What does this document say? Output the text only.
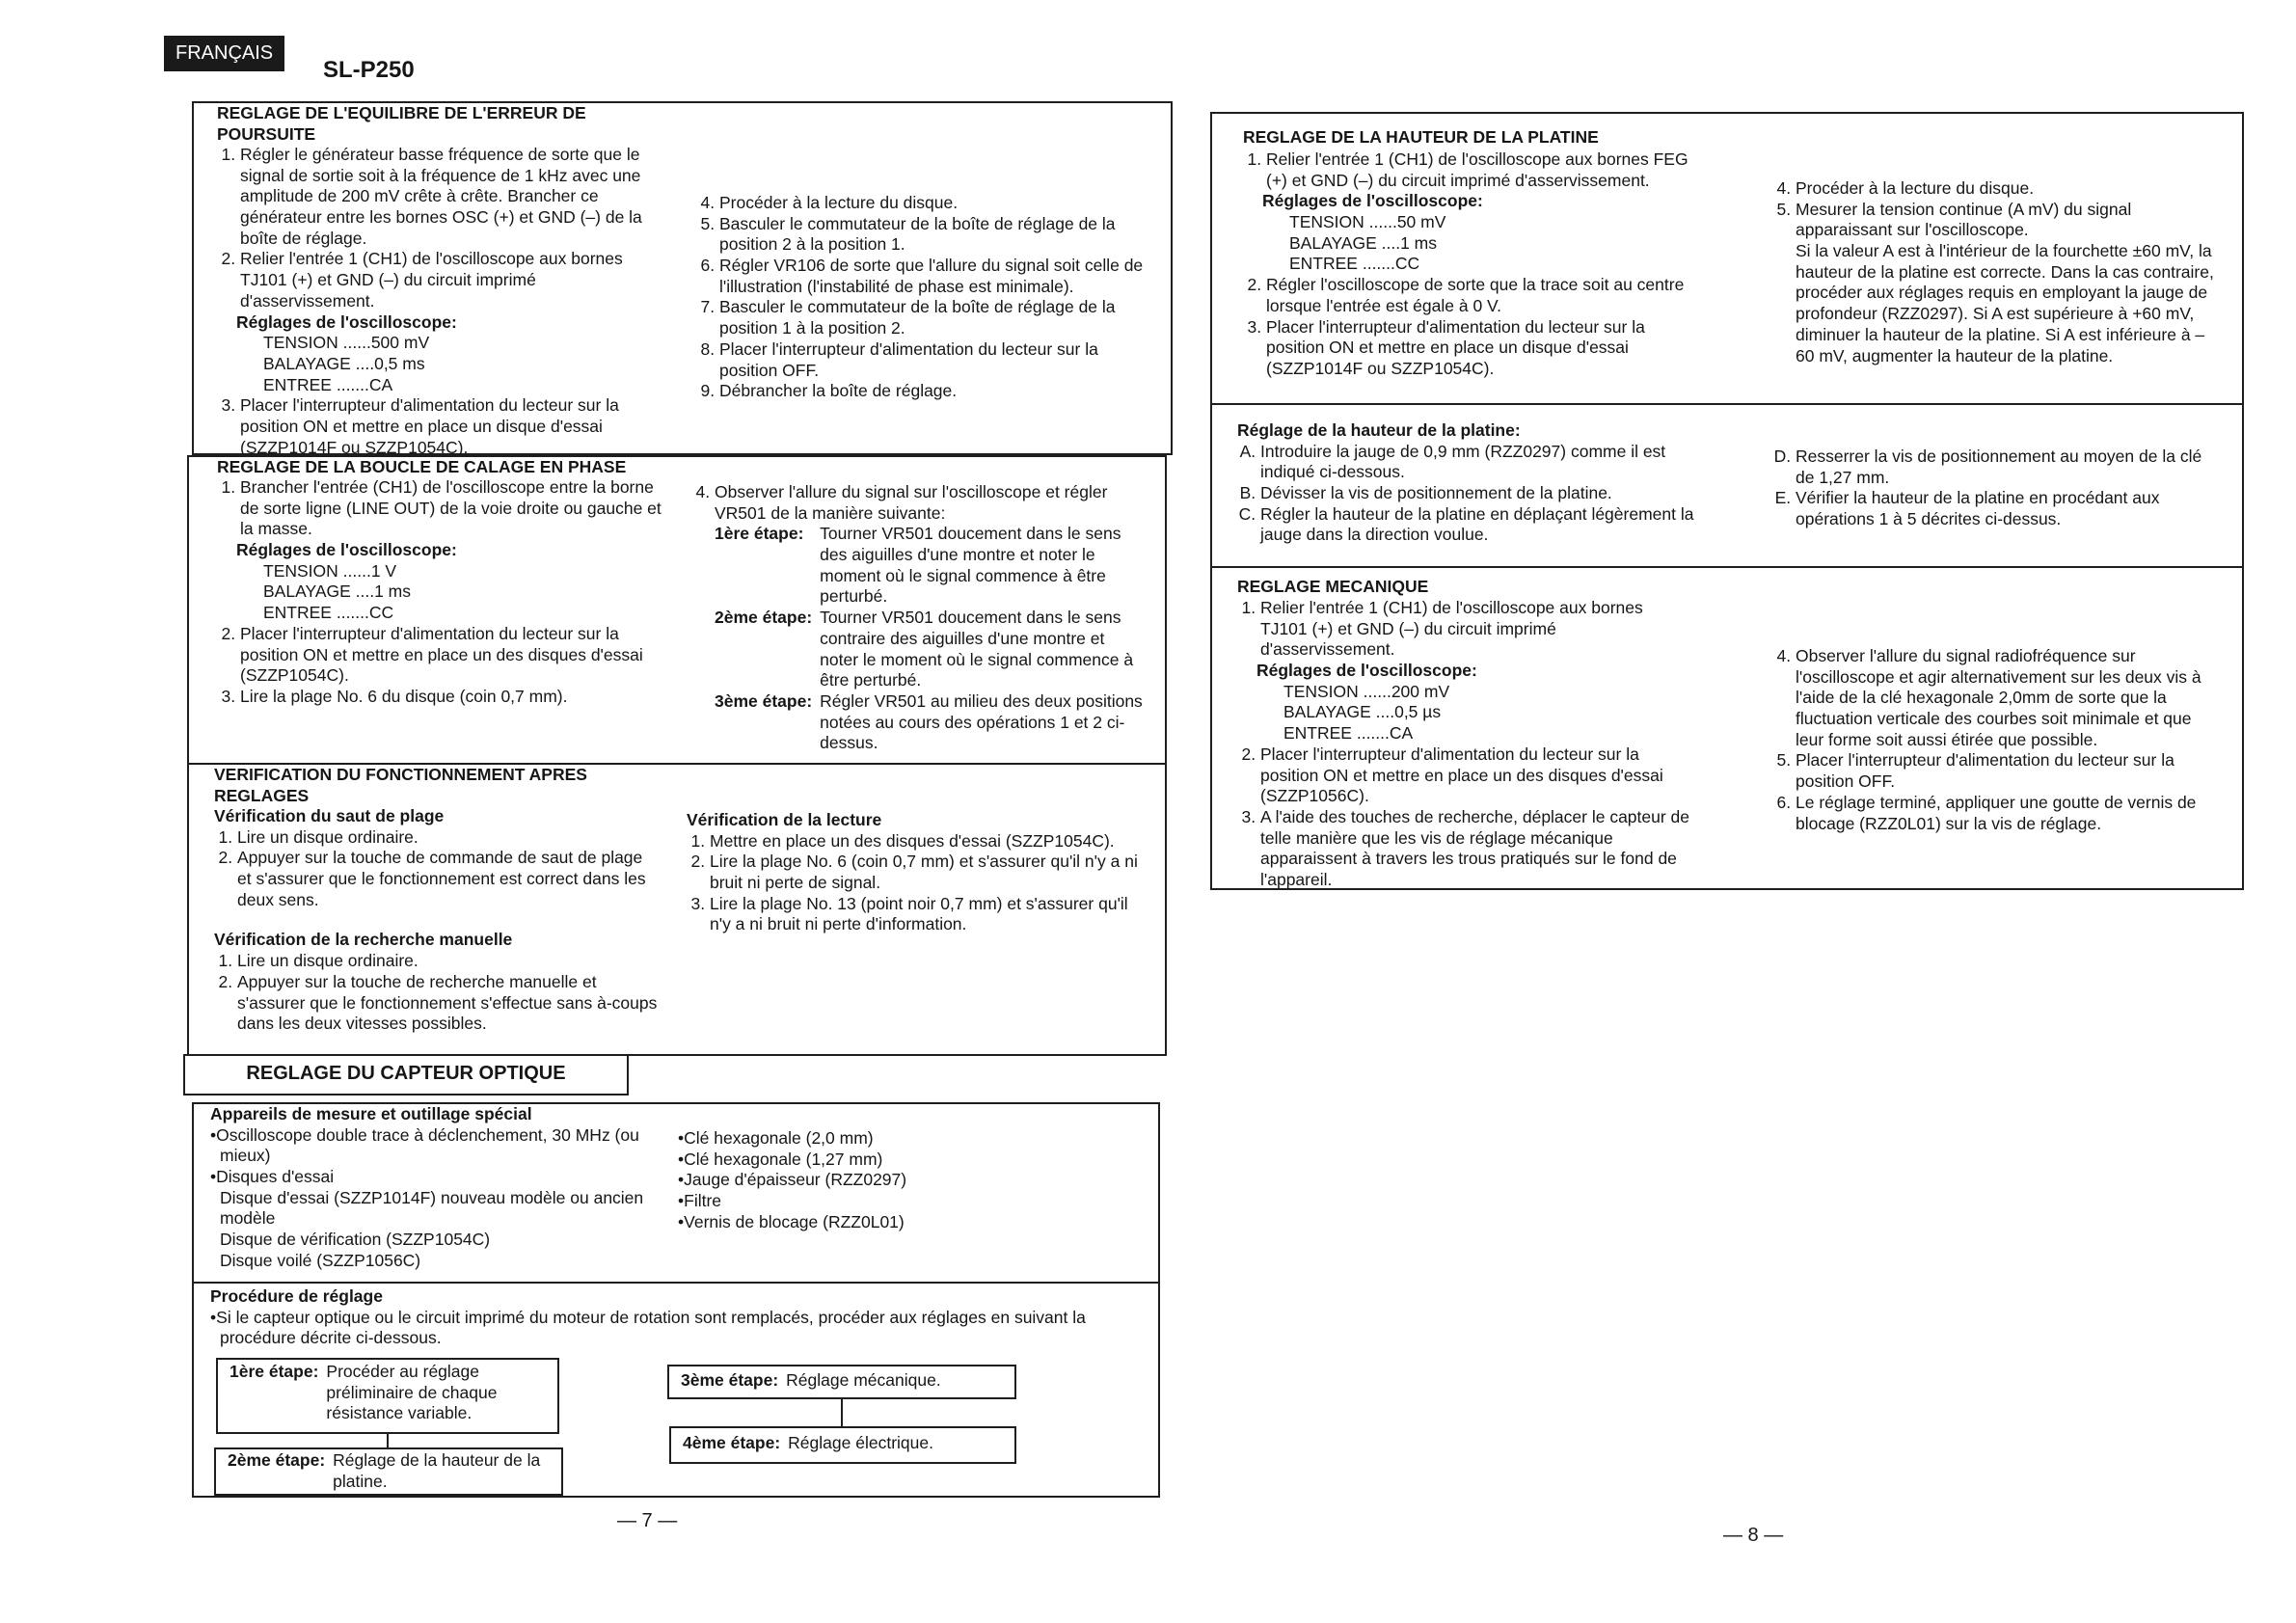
FRANÇAIS
SL-P250
REGLAGE DE L'EQUILIBRE DE L'ERREUR DE POURSUITE
1. Régler le générateur basse fréquence de sorte que le signal de sortie soit à la fréquence de 1 kHz avec une amplitude de 200 mV crête à crête. Brancher ce générateur entre les bornes OSC (+) et GND (–) de la boîte de réglage.
2. Relier l'entrée 1 (CH1) de l'oscilloscope aux bornes TJ101 (+) et GND (–) du circuit imprimé d'asservissement.
Réglages de l'oscilloscope:
TENSION ......500 mV
BALAYAGE ....0,5 ms
ENTREE .......CA
3. Placer l'interrupteur d'alimentation du lecteur sur la position ON et mettre en place un disque d'essai (SZZP1014F ou SZZP1054C).
4. Procéder à la lecture du disque.
5. Basculer le commutateur de la boîte de réglage de la position 2 à la position 1.
6. Régler VR106 de sorte que l'allure du signal soit celle de l'illustration (l'instabilité de phase est minimale).
7. Basculer le commutateur de la boîte de réglage de la position 1 à la position 2.
8. Placer l'interrupteur d'alimentation du lecteur sur la position OFF.
9. Débrancher la boîte de réglage.
REGLAGE DE LA BOUCLE DE CALAGE EN PHASE
1. Brancher l'entrée (CH1) de l'oscilloscope entre la borne de sorte ligne (LINE OUT) de la voie droite ou gauche et la masse.
Réglages de l'oscilloscope:
TENSION ......1 V
BALAYAGE ....1 ms
ENTREE .......CC
2. Placer l'interrupteur d'alimentation du lecteur sur la position ON et mettre en place un des disques d'essai (SZZP1054C).
3. Lire la plage No. 6 du disque (coin 0,7 mm).
4. Observer l'allure du signal sur l'oscilloscope et régler VR501 de la manière suivante:
1ère étape: Tourner VR501 doucement dans le sens des aiguilles d'une montre et noter le moment où le signal commence à être perturbé.
2ème étape: Tourner VR501 doucement dans le sens contraire des aiguilles d'une montre et noter le moment où le signal commence à être perturbé.
3ème étape: Régler VR501 au milieu des deux positions notées au cours des opérations 1 et 2 ci-dessus.
VERIFICATION DU FONCTIONNEMENT APRES REGLAGES
Vérification du saut de plage
1. Lire un disque ordinaire.
2. Appuyer sur la touche de commande de saut de plage et s'assurer que le fonctionnement est correct dans les deux sens.
Vérification de la recherche manuelle
1. Lire un disque ordinaire.
2. Appuyer sur la touche de recherche manuelle et s'assurer que le fonctionnement s'effectue sans à-coups dans les deux vitesses possibles.
Vérification de la lecture
1. Mettre en place un des disques d'essai (SZZP1054C).
2. Lire la plage No. 6 (coin 0,7 mm) et s'assurer qu'il n'y a ni bruit ni perte de signal.
3. Lire la plage No. 13 (point noir 0,7 mm) et s'assurer qu'il n'y a ni bruit ni perte d'information.
REGLAGE DU CAPTEUR OPTIQUE
Appareils de mesure et outillage spécial
• Oscilloscope double trace à déclenchement, 30 MHz (ou mieux)
• Disques d'essai
Disque d'essai (SZZP1014F) nouveau modèle ou ancien modèle
Disque de vérification (SZZP1054C)
Disque voilé (SZZP1056C)
• Clé hexagonale (2,0 mm)
• Clé hexagonale (1,27 mm)
• Jauge d'épaisseur (RZZ0297)
• Filtre
• Vernis de blocage (RZZ0L01)
Procédure de réglage
• Si le capteur optique ou le circuit imprimé du moteur de rotation sont remplacés, procéder aux réglages en suivant la procédure décrite ci-dessous.
1ère étape: Procéder au réglage préliminaire de chaque résistance variable.
2ème étape: Réglage de la hauteur de la platine.
3ème étape: Réglage mécanique.
4ème étape: Réglage électrique.
— 7 —
REGLAGE DE LA HAUTEUR DE LA PLATINE
1. Relier l'entrée 1 (CH1) de l'oscilloscope aux bornes FEG (+) et GND (–) du circuit imprimé d'asservissement.
Réglages de l'oscilloscope:
TENSION ......50 mV
BALAYAGE ....1 ms
ENTREE .......CC
2. Régler l'oscilloscope de sorte que la trace soit au centre lorsque l'entrée est égale à 0 V.
3. Placer l'interrupteur d'alimentation du lecteur sur la position ON et mettre en place un disque d'essai (SZZP1014F ou SZZP1054C).
4. Procéder à la lecture du disque.
5. Mesurer la tension continue (A mV) du signal apparaissant sur l'oscilloscope.

Si la valeur A est à l'intérieur de la fourchette ±60 mV, la hauteur de la platine est correcte. Dans la cas contraire, procéder aux réglages requis en employant la jauge de profondeur (RZZ0297). Si A est supérieure à +60 mV, diminuer la hauteur de la platine. Si A est inférieure à –60 mV, augmenter la hauteur de la platine.

Réglage de la hauteur de la platine:
A. Introduire la jauge de 0,9 mm (RZZ0297) comme il est indiqué ci-dessous.
B. Dévisser la vis de positionnement de la platine.
C. Régler la hauteur de la platine en déplaçant légèrement la jauge dans la direction voulue.
D. Resserrer la vis de positionnement au moyen de la clé de 1,27 mm.
E. Vérifier la hauteur de la platine en procédant aux opérations 1 à 5 décrites ci-dessus.
REGLAGE MECANIQUE
1. Relier l'entrée 1 (CH1) de l'oscilloscope aux bornes TJ101 (+) et GND (–) du circuit imprimé d'asservissement.
Réglages de l'oscilloscope:
TENSION ......200 mV
BALAYAGE ....0,5 µs
ENTREE .......CA
2. Placer l'interrupteur d'alimentation du lecteur sur la position ON et mettre en place un des disques d'essai (SZZP1056C).
3. A l'aide des touches de recherche, déplacer le capteur de telle manière que les vis de réglage mécanique apparaissent à travers les trous pratiqués sur le fond de l'appareil.
4. Observer l'allure du signal radiofréquence sur l'oscilloscope et agir alternativement sur les deux vis à l'aide de la clé hexagonale 2,0mm de sorte que la fluctuation verticale des courbes soit minimale et que leur forme soit aussi étirée que possible.
5. Placer l'interrupteur d'alimentation du lecteur sur la position OFF.
6. Le réglage terminé, appliquer une goutte de vernis de blocage (RZZ0L01) sur la vis de réglage.
— 8 —
